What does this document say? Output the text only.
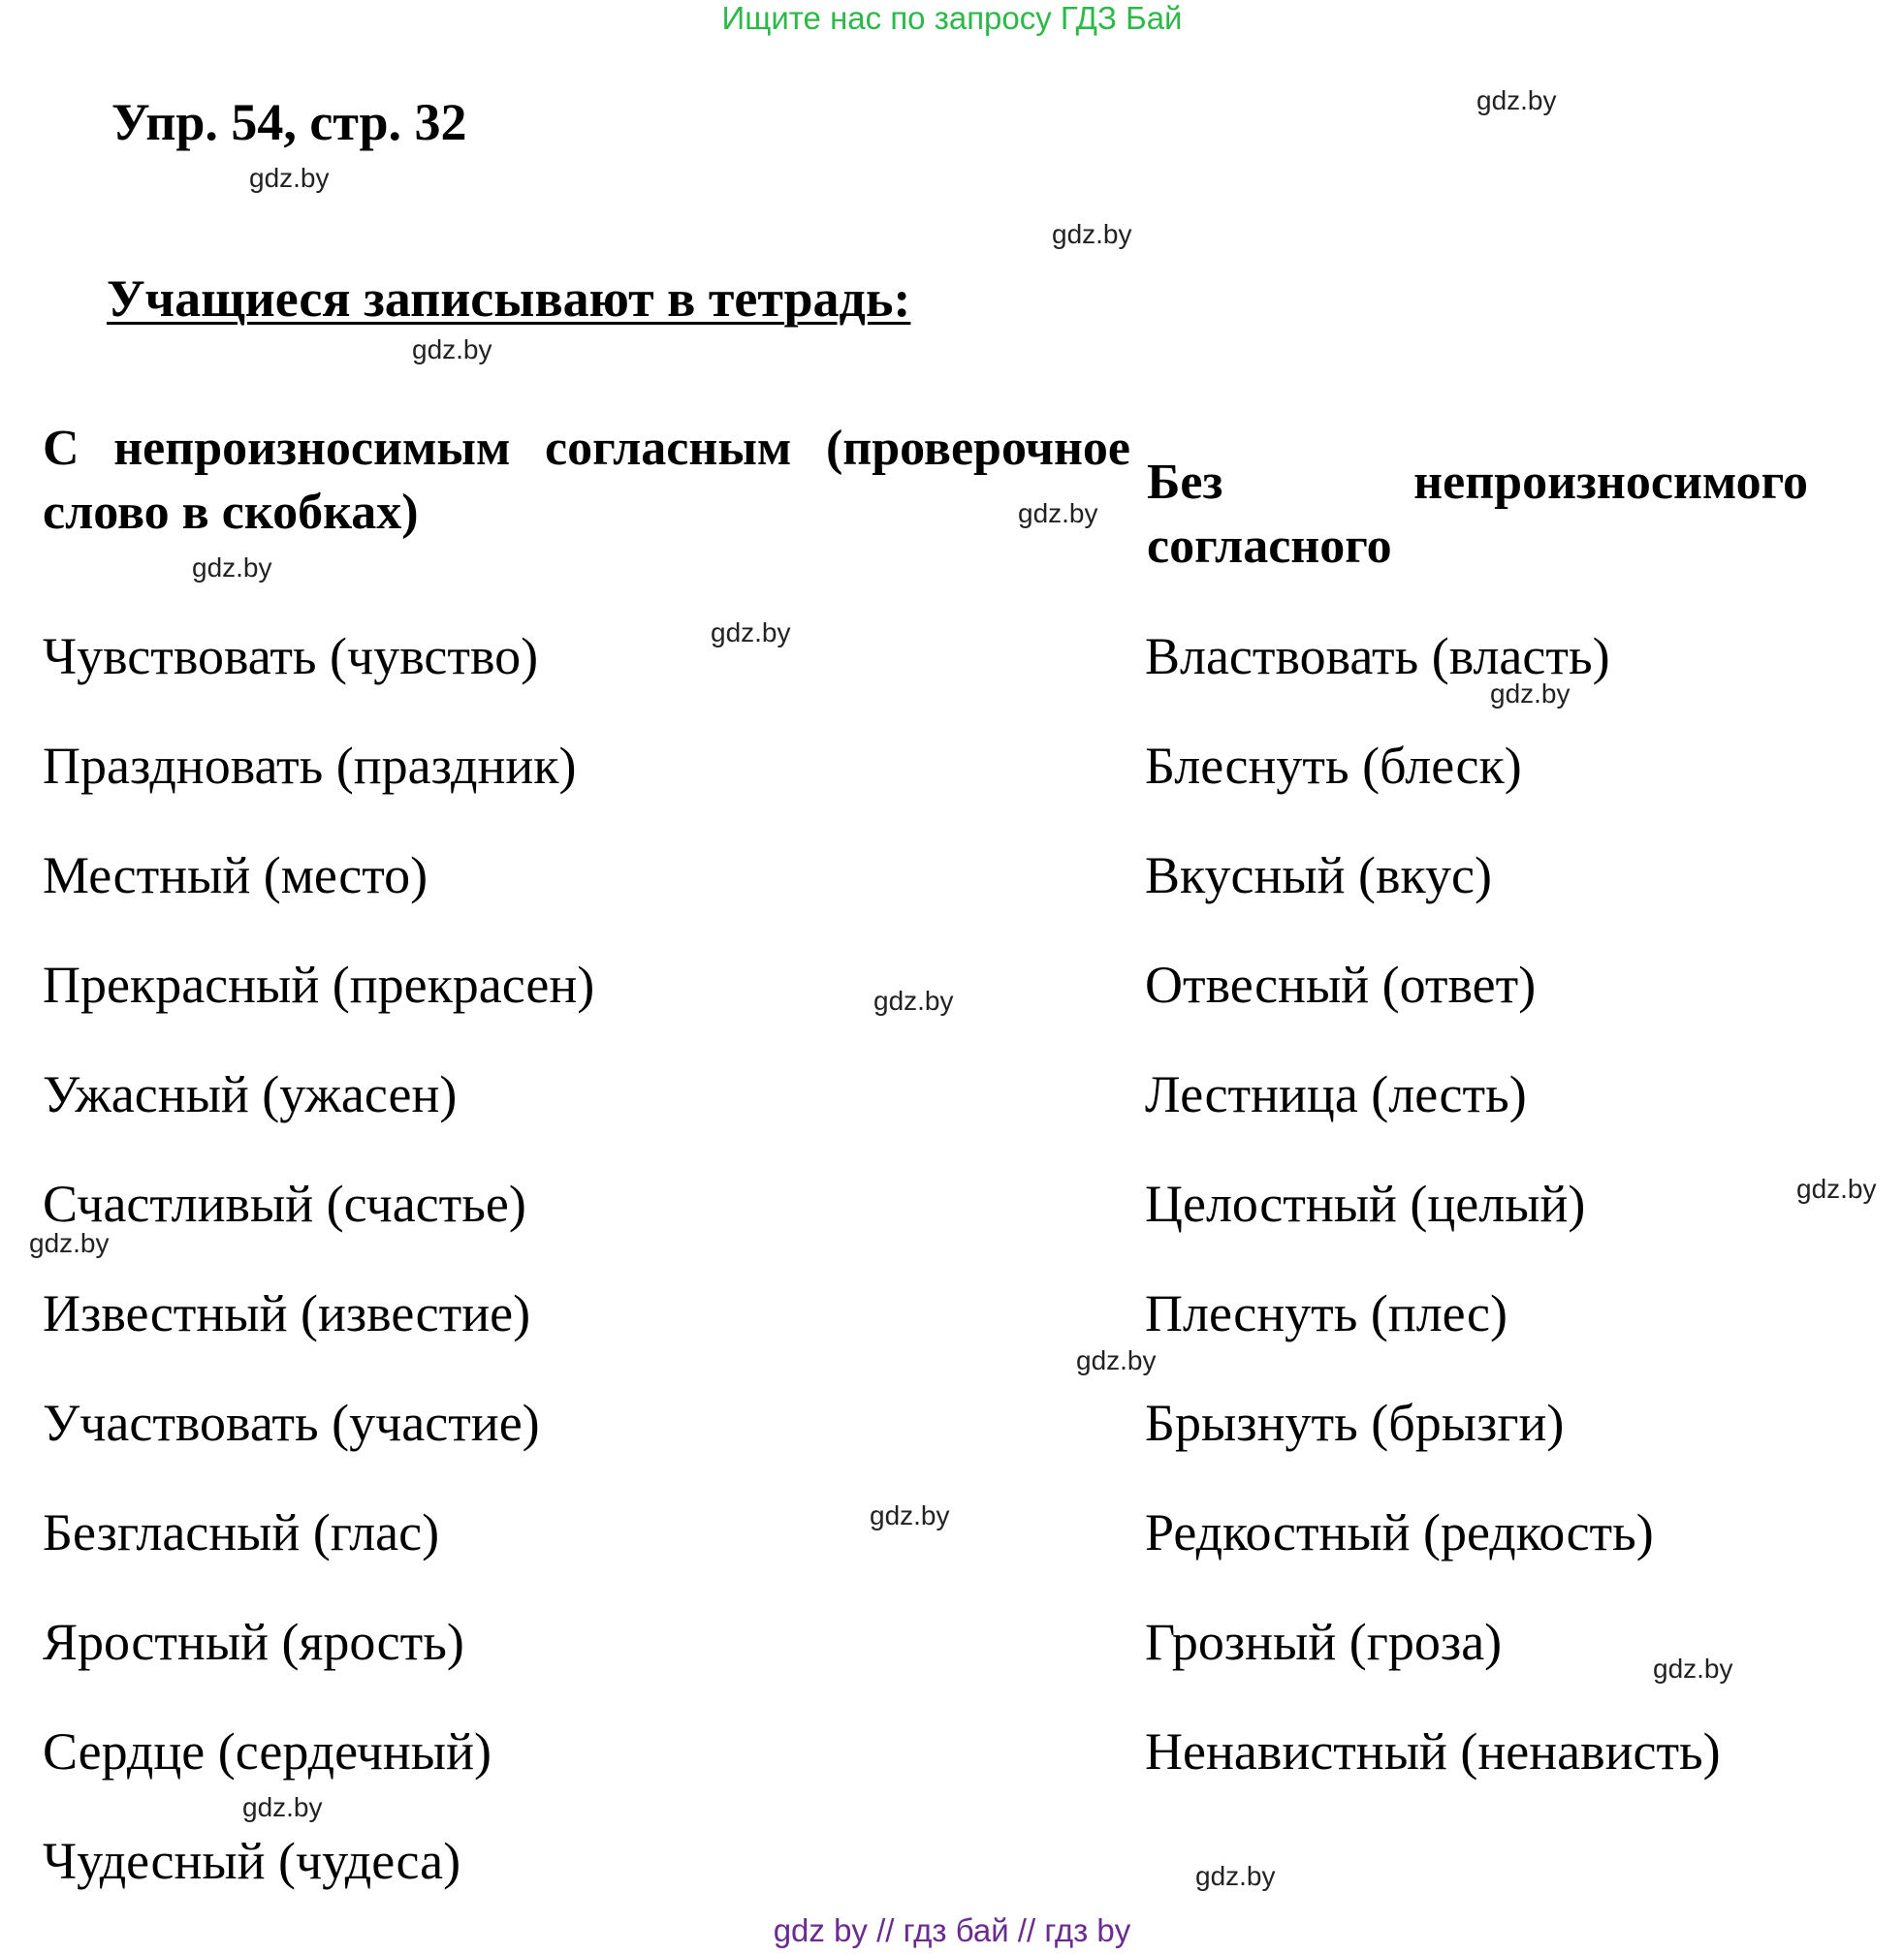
Ищите нас по запросу ГДЗ Бай
Упр. 54, стр. 32
Учащиеся записывают в тетрадь:
С непроизносимым согласным (проверочное слово в скобках)
Без непроизносимого согласного
Чувствовать (чувство)
Праздновать (праздник)
Местный (место)
Прекрасный (прекрасен)
Ужасный (ужасен)
Счастливый (счастье)
Известный (известие)
Участвовать (участие)
Безгласный (глас)
Яростный (ярость)
Сердце (сердечный)
Чудесный (чудеса)
Властвовать (власть)
Блеснуть (блеск)
Вкусный (вкус)
Отвесный (ответ)
Лестница (лесть)
Целостный (целый)
Плеснуть (плес)
Брызнуть (брызги)
Редкостный (редкость)
Грозный (гроза)
Ненавистный (ненависть)
gdz.by
gdz.by
gdz.by
gdz.by
gdz.by
gdz.by
gdz.by
gdz.by
gdz.by
gdz.by
gdz.by
gdz.by
gdz.by
gdz.by
gdz.by
gdz.by
gdz by // гдз бай // гдз by
